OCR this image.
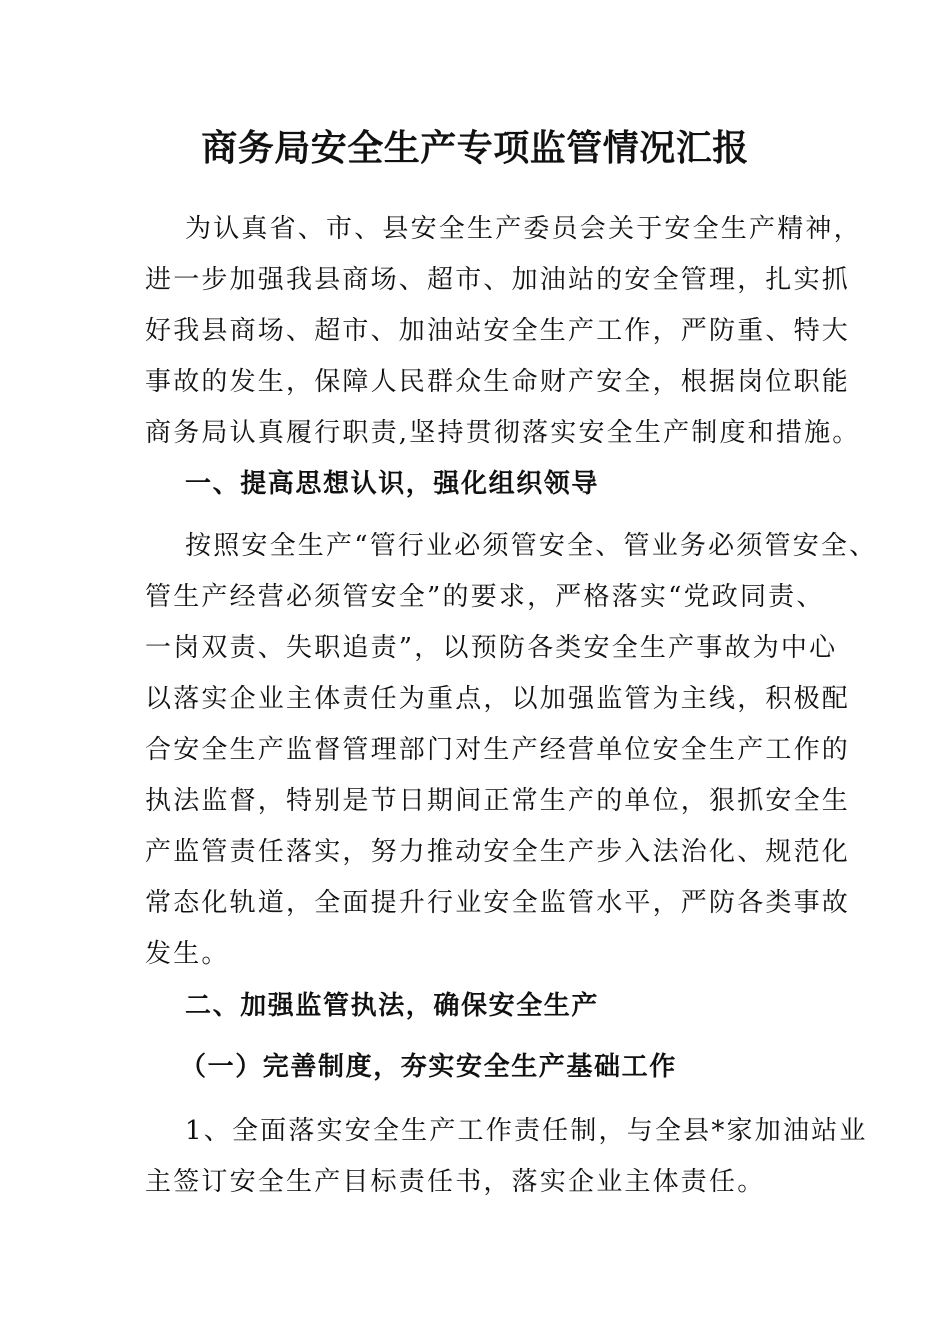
商务局安全生产专项监管情况汇报
为认真省、市、县安全生产委员会关于安全生产精神，
进一步加强我县商场、超市、加油站的安全管理，扎实抓
好我县商场、超市、加油站安全生产工作，严防重、特大
事故的发生，保障人民群众生命财产安全，根据岗位职能
商务局认真履行职责,坚持贯彻落实安全生产制度和措施。
一、提高思想认识，强化组织领导
按照安全生产“管行业必须管安全、管业务必须管安全、
管生产经营必须管安全”的要求，严格落实“党政同责、
一岗双责、失职追责”，以预防各类安全生产事故为中心
以落实企业主体责任为重点，以加强监管为主线，积极配
合安全生产监督管理部门对生产经营单位安全生产工作的
执法监督，特别是节日期间正常生产的单位，狠抓安全生
产监管责任落实，努力推动安全生产步入法治化、规范化
常态化轨道，全面提升行业安全监管水平，严防各类事故
发生。
二、加强监管执法，确保安全生产
（一）完善制度，夯实安全生产基础工作
1、全面落实安全生产工作责任制，与全县*家加油站业
主签订安全生产目标责任书，落实企业主体责任。
